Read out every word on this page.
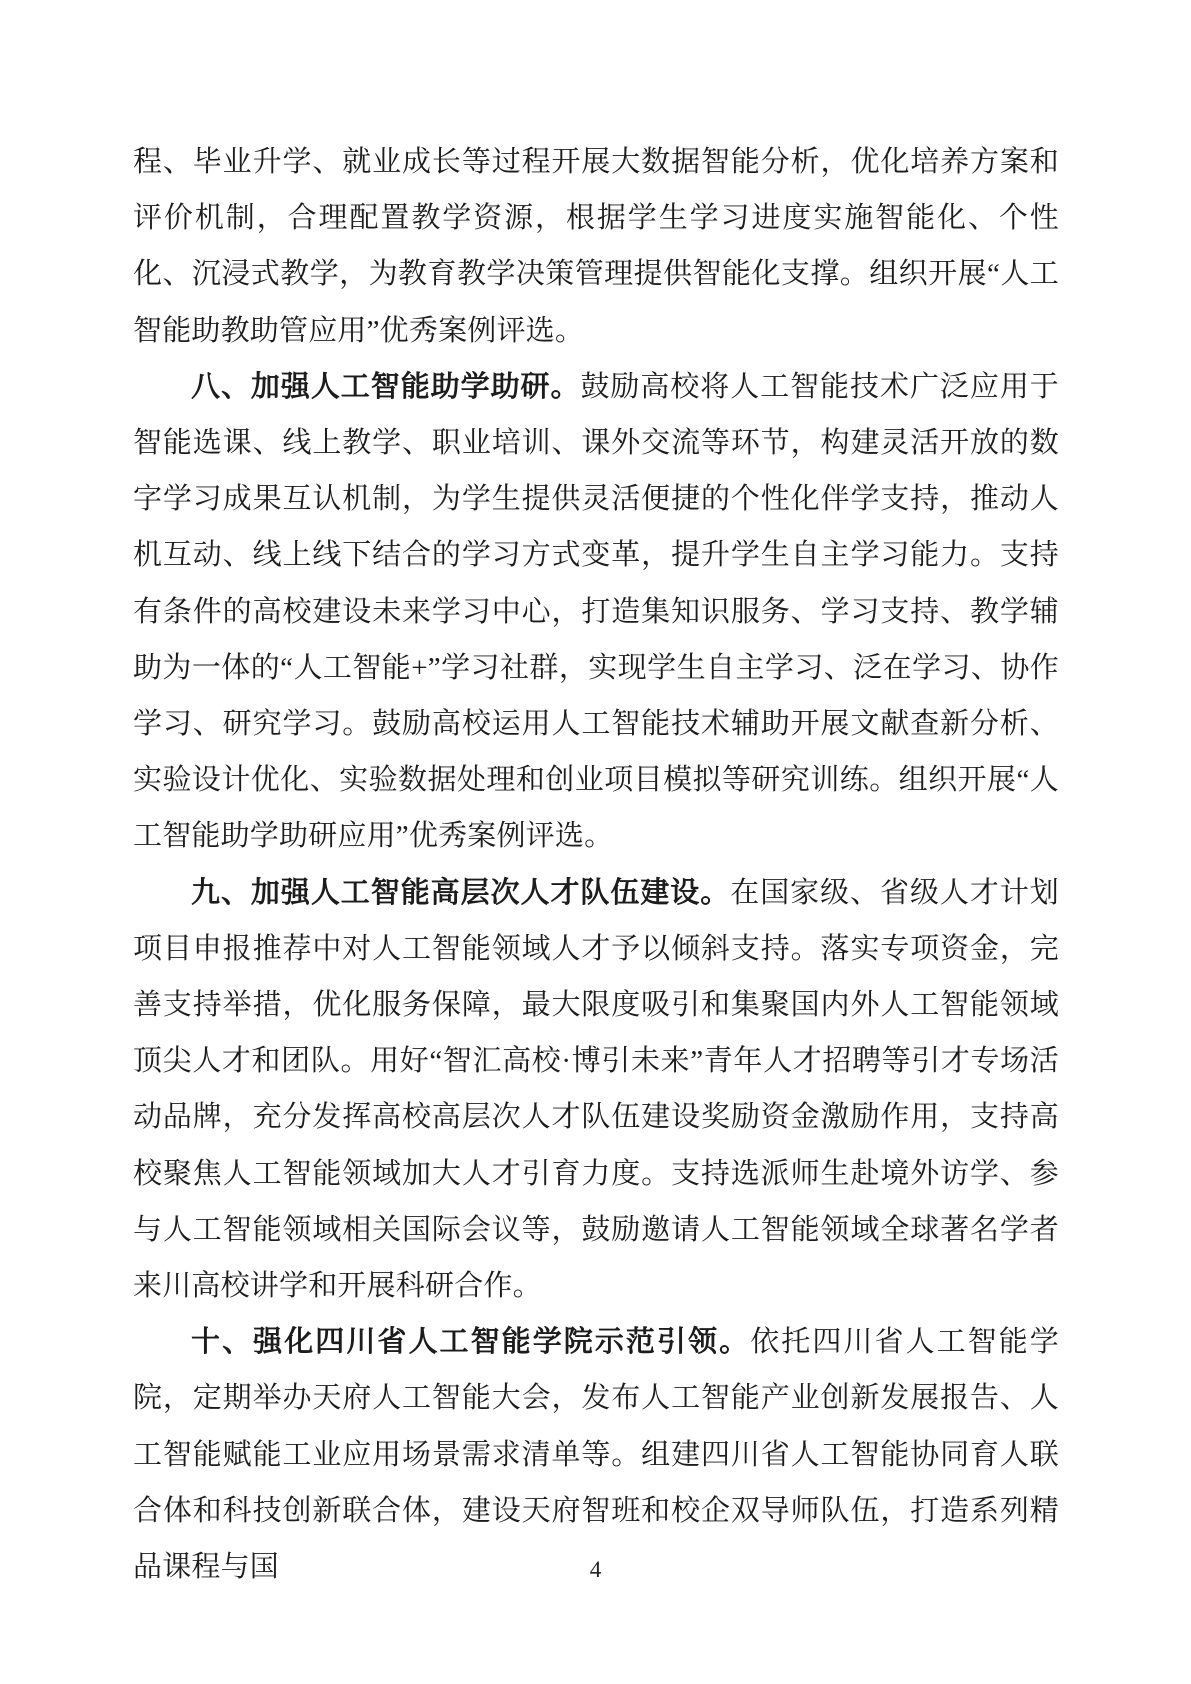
程、毕业升学、就业成长等过程开展大数据智能分析，优化培养方案和评价机制，合理配置教学资源，根据学生学习进度实施智能化、个性化、沉浸式教学，为教育教学决策管理提供智能化支撑。组织开展“人工智能助教助管应用”优秀案例评选。

八、加强人工智能助学助研。鼓励高校将人工智能技术广泛应用于智能选课、线上教学、职业培训、课外交流等环节，构建灵活开放的数字学习成果互认机制，为学生提供灵活便捷的个性化伴学支持，推动人机互动、线上线下结合的学习方式变革，提升学生自主学习能力。支持有条件的高校建设未来学习中心，打造集知识服务、学习支持、教学辅助为一体的“人工智能+”学习社群，实现学生自主学习、泛在学习、协作学习、研究学习。鼓励高校运用人工智能技术辅助开展文献查新分析、实验设计优化、实验数据处理和创业项目模拟等研究训练。组织开展“人工智能助学助研应用”优秀案例评选。

九、加强人工智能高层次人才队伍建设。在国家级、省级人才计划项目申报推荐中对人工智能领域人才予以倾斜支持。落实专项资金，完善支持举措，优化服务保障，最大限度吸引和集聚国内外人工智能领域顶尖人才和团队。用好“智汇高校·博引未来”青年人才招聘等引才专场活动品牌，充分发挥高校高层次人才队伍建设奖励资金激励作用，支持高校聚焦人工智能领域加大人才引育力度。支持选派师生赴境外访学、参与人工智能领域相关国际会议等，鼓励邀请人工智能领域全球著名学者来川高校讲学和开展科研合作。

十、强化四川省人工智能学院示范引领。依托四川省人工智能学院，定期举办天府人工智能大会，发布人工智能产业创新发展报告、人工智能赋能工业应用场景需求清单等。组建四川省人工智能协同育人联合体和科技创新联合体，建设天府智班和校企双导师队伍，打造系列精品课程与国	4
